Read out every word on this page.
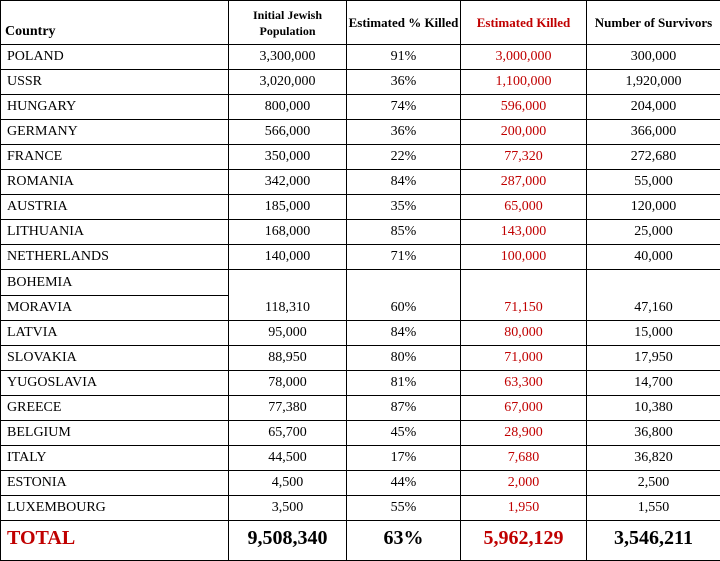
Country	Initial Jewish Population	Estimated % Killed	Estimated Killed	Number of Survivors
POLAND	3,300,000	91%	3,000,000	300,000
USSR	3,020,000	36%	1,100,000	1,920,000
HUNGARY	800,000	74%	596,000	204,000
GERMANY	566,000	36%	200,000	366,000
FRANCE	350,000	22%	77,320	272,680
ROMANIA	342,000	84%	287,000	55,000
AUSTRIA	185,000	35%	65,000	120,000
LITHUANIA	168,000	85%	143,000	25,000
NETHERLANDS	140,000	71%	100,000	40,000
BOHEMIA				
MORAVIA	118,310	60%	71,150	47,160
LATVIA	95,000	84%	80,000	15,000
SLOVAKIA	88,950	80%	71,000	17,950
YUGOSLAVIA	78,000	81%	63,300	14,700
GREECE	77,380	87%	67,000	10,380
BELGIUM	65,700	45%	28,900	36,800
ITALY	44,500	17%	7,680	36,820
ESTONIA	4,500	44%	2,000	2,500
LUXEMBOURG	3,500	55%	1,950	1,550
TOTAL	9,508,340	63%	5,962,129	3,546,211
